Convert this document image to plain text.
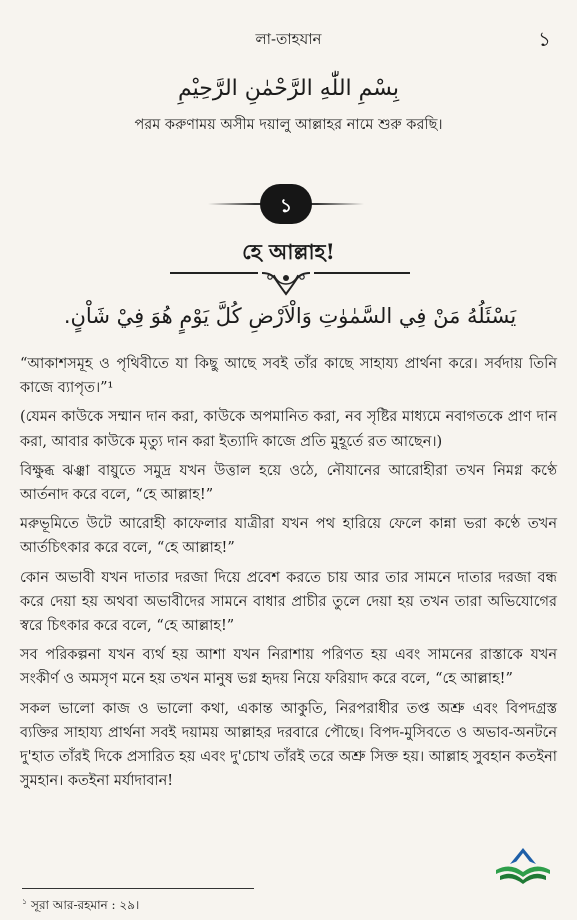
লা-তাহযান	১
بِسْمِ اللّٰهِ الرَّحْمٰنِ الرَّحِيْمِ
পরম করুণাময় অসীম দয়ালু আল্লাহর নামে শুরু করছি।
১
হে আল্লাহ!
يَسْئَلُهُ مَنْ فِي السَّمٰوٰتِ وَالْاَرْضِ كُلَّ يَوْمٍ هُوَ فِيْ شَاْنٍ.

“আকাশসমূহ ও পৃথিবীতে যা কিছু আছে সবই তাঁর কাছে সাহায্য প্রার্থনা করে। সর্বদায় তিনি কাজে ব্যাপৃত।”¹

(যেমন কাউকে সম্মান দান করা, কাউকে অপমানিত করা, নব সৃষ্টির মাধ্যমে নবাগতকে প্রাণ দান করা, আবার কাউকে মৃত্যু দান করা ইত্যাদি কাজে প্রতি মুহূর্তে রত আছেন।)

বিক্ষুব্ধ ঝঞ্ঝা বায়ুতে সমুদ্র যখন উত্তাল হয়ে ওঠে, নৌযানের আরোহীরা তখন নিমগ্ন কণ্ঠে আর্তনাদ করে বলে, “হে আল্লাহ!”

মরুভূমিতে উটে আরোহী কাফেলার যাত্রীরা যখন পথ হারিয়ে ফেলে কান্না ভরা কণ্ঠে তখন আর্তচিৎকার করে বলে, “হে আল্লাহ!”

কোন অভাবী যখন দাতার দরজা দিয়ে প্রবেশ করতে চায় আর তার সামনে দাতার দরজা বন্ধ করে দেয়া হয় অথবা অভাবীদের সামনে বাধার প্রাচীর তুলে দেয়া হয় তখন তারা অভিযোগের স্বরে চিৎকার করে বলে, “হে আল্লাহ!”

সব পরিকল্পনা যখন ব্যর্থ হয় আশা যখন নিরাশায় পরিণত হয় এবং সামনের রাস্তাকে যখন সংকীর্ণ ও অমসৃণ মনে হয় তখন মানুষ ভগ্ন হৃদয় নিয়ে ফরিয়াদ করে বলে, “হে আল্লাহ!”

সকল ভালো কাজ ও ভালো কথা, একান্ত আকুতি, নিরপরাধীর তপ্ত অশ্রু এবং বিপদগ্রস্ত ব্যক্তির সাহায্য প্রার্থনা সবই দয়াময় আল্লাহর দরবারে পৌছে। বিপদ-মুসিবতে ও অভাব-অনটনে দু'হাত তাঁরই দিকে প্রসারিত হয় এবং দু'চোখ তাঁরই তরে অশ্রু সিক্ত হয়। আল্লাহ সুবহান কতইনা সুমহান। কতইনা মর্যাদাবান!

$^১$ সূরা আর-রহমান : ২৯।
